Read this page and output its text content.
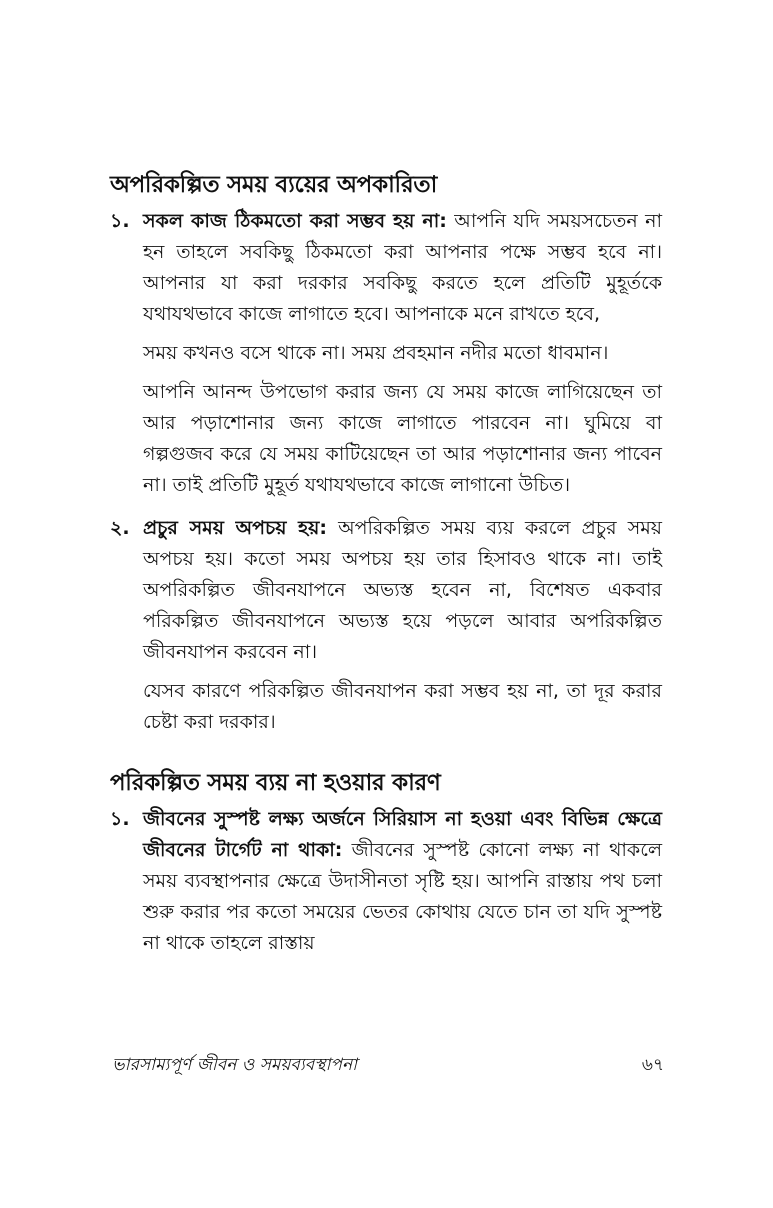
অপরিকল্পিত সময় ব্যয়ের অপকারিতা
১. সকল কাজ ঠিকমতো করা সম্ভব হয় না: আপনি যদি সময়সচেতন না হন তাহলে সবকিছু ঠিকমতো করা আপনার পক্ষে সম্ভব হবে না। আপনার যা করা দরকার সবকিছু করতে হলে প্রতিটি মুহূর্তকে যথাযথভাবে কাজে লাগাতে হবে। আপনাকে মনে রাখতে হবে,

সময় কখনও বসে থাকে না। সময় প্রবহমান নদীর মতো ধাবমান।

আপনি আনন্দ উপভোগ করার জন্য যে সময় কাজে লাগিয়েছেন তা আর পড়াশোনার জন্য কাজে লাগাতে পারবেন না। ঘুমিয়ে বা গল্পগুজব করে যে সময় কাটিয়েছেন তা আর পড়াশোনার জন্য পাবেন না। তাই প্রতিটি মুহূর্ত যথাযথভাবে কাজে লাগানো উচিত।

২. প্রচুর সময় অপচয় হয়: অপরিকল্পিত সময় ব্যয় করলে প্রচুর সময় অপচয় হয়। কতো সময় অপচয় হয় তার হিসাবও থাকে না। তাই অপরিকল্পিত জীবনযাপনে অভ্যস্ত হবেন না, বিশেষত একবার পরিকল্পিত জীবনযাপনে অভ্যস্ত হয়ে পড়লে আবার অপরিকল্পিত জীবনযাপন করবেন না।

যেসব কারণে পরিকল্পিত জীবনযাপন করা সম্ভব হয় না, তা দূর করার চেষ্টা করা দরকার।

পরিকল্পিত সময় ব্যয় না হওয়ার কারণ
১. জীবনের সুস্পষ্ট লক্ষ্য অর্জনে সিরিয়াস না হওয়া এবং বিভিন্ন ক্ষেত্রে জীবনের টার্গেট না থাকা: জীবনের সুস্পষ্ট কোনো লক্ষ্য না থাকলে সময় ব্যবস্থাপনার ক্ষেত্রে উদাসীনতা সৃষ্টি হয়। আপনি রাস্তায় পথ চলা শুরু করার পর কতো সময়ের ভেতর কোথায় যেতে চান তা যদি সুস্পষ্ট না থাকে তাহলে রাস্তায়
ভারসাম্যপূর্ণ জীবন ও সময়ব্যবস্থাপনা	৬৭
